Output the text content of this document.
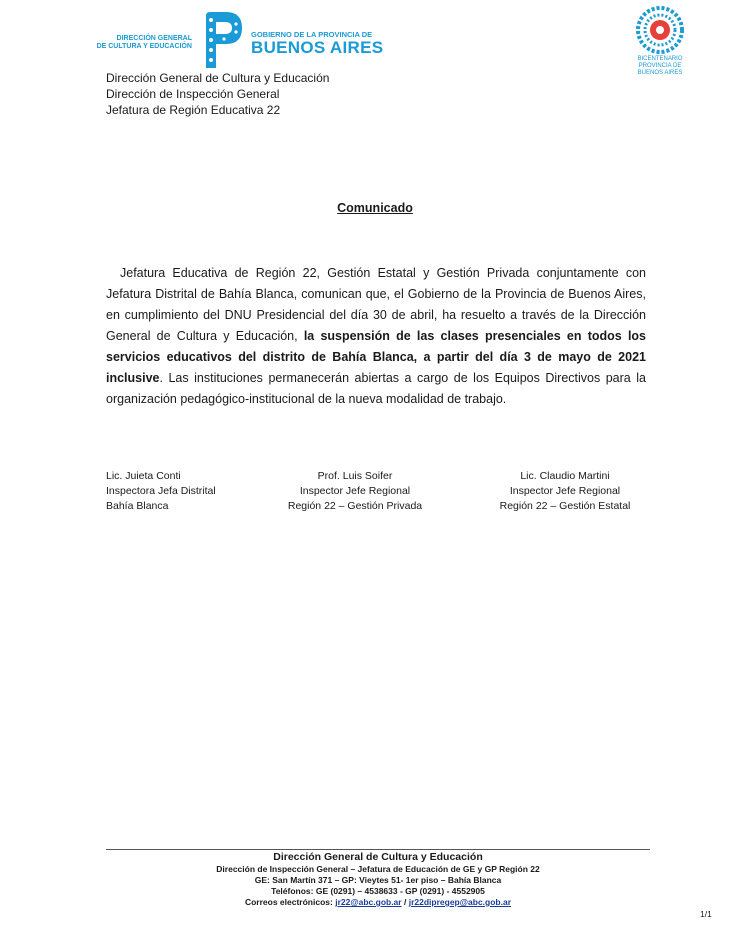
DIRECCIÓN GENERAL
DE CULTURA Y EDUCACIÓN
GOBIERNO DE LA PROVINCIA DE
BUENOS AIRES
BICENTENARIO
PROVINCIA DE
BUENOS AIRES
Dirección General de Cultura y Educación
Dirección de Inspección General
Jefatura de Región Educativa 22
Comunicado

Jefatura Educativa de Región 22, Gestión Estatal y Gestión Privada conjuntamente con Jefatura Distrital de Bahía Blanca, comunican que, el Gobierno de la Provincia de Buenos Aires, en cumplimiento del DNU Presidencial del día 30 de abril, ha resuelto a través de la Dirección General de Cultura y Educación, la suspensión de las clases presenciales en todos los servicios educativos del distrito de Bahía Blanca, a partir del día 3 de mayo de 2021 inclusive. Las instituciones permanecerán abiertas a cargo de los Equipos Directivos para la organización pedagógico-institucional de la nueva modalidad de trabajo.

Lic. Juieta Conti
Inspectora Jefa Distrital
Bahía Blanca
Prof. Luis Soifer
Inspector Jefe Regional
Región 22 – Gestión Privada
Lic. Claudio Martini
Inspector Jefe Regional
Región 22 – Gestión Estatal
Dirección General de Cultura y Educación
Dirección de Inspección General – Jefatura de Educación de GE y GP Región 22
GE: San Martín 371 – GP: Vieytes 51- 1er piso – Bahía Blanca
Teléfonos: GE (0291) – 4538633 - GP (0291) - 4552905
Correos electrónicos: jr22@abc.gob.ar / jr22dipregep@abc.gob.ar
1/1
